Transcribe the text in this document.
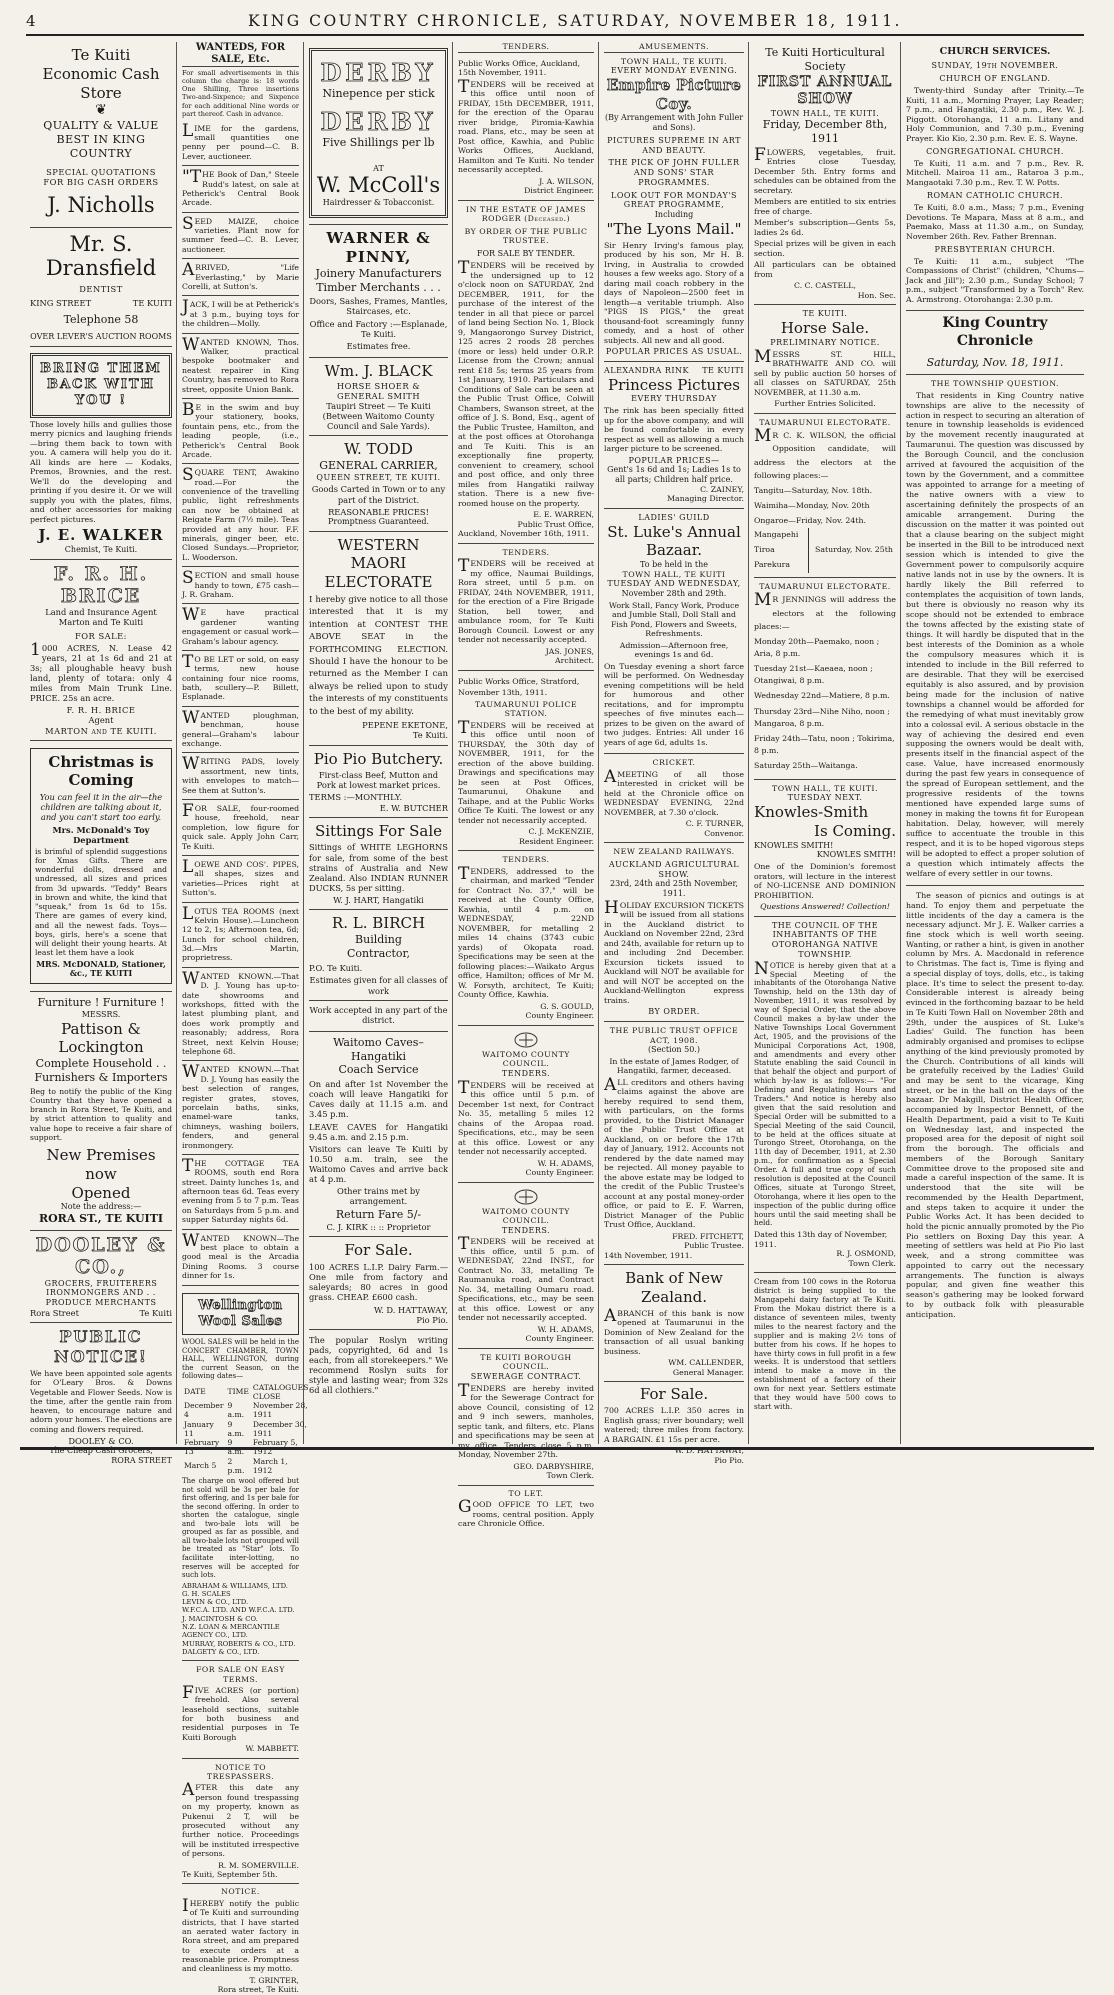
4	KING COUNTRY CHRONICLE, SATURDAY, NOVEMBER 18, 1911.
Te Kuiti
Economic Cash Store
❦
QUALITY & VALUE
BEST IN KING COUNTRY
SPECIAL QUOTATIONS
FOR BIG CASH ORDERS
J. Nicholls
Mr. S. Dransfield
DENTIST
KING STREET	TE KUITI
Telephone 58
OVER LEVER'S AUCTION ROOMS
BRING THEM BACK WITH YOU !

Those lovely hills and gullies those merry picnics and laughing friends—bring them back to town with you. A camera will help you do it. All kinds are here — Kodaks, Premos, Brownies, and the rest. We'll do the developing and printing if you desire it. Or we will supply you with the plates, films, and other accessories for making perfect pictures.

J. E. WALKER
Chemist, Te Kuiti.
F. R. H. BRICE
Land and Insurance Agent
Marton and Te Kuiti
FOR SALE:

1000 ACRES, N. Lease 42 years, 21 at 1s 6d and 21 at 3s; all ploughable heavy bush land, plenty of totara: only 4 miles from Main Trunk Line. PRICE. 25s an acre.

F. R. H. BRICE
Agent
MARTON and TE KUITI.
Christmas is Coming

You can feel it in the air—the children are talking about it, and you can't start too early.

Mrs. McDonald's Toy Department

is brimful of splendid suggestions for Xmas Gifts. There are wonderful dolls, dressed and undressed, all sizes and prices from 3d upwards. "Teddy" Bears in brown and white, the kind that "squeak," from 1s 6d to 15s. There are games of every kind, and all the newest fads. Toys—boys, girls, here's a scene that will delight their young hearts. At least let them have a look

MRS. McDONALD, Stationer, &c., TE KUITI
Furniture ! Furniture !
MESSRS.
Pattison & Lockington
Complete Household . .
Furnishers & Importers

Beg to notify the public of the King Country that they have opened a branch in Rora Street, Te Kuiti, and by strict attention to quality and value hope to receive a fair share of support.

New Premises now
Opened
Note the address:—
RORA ST., TE KUITI
DOOLEY & CO.,
GROCERS, FRUITERERS
IRONMONGERS AND . .
PRODUCE MERCHANTS
Rora Street	Te Kuiti
PUBLIC NOTICE!

We have been appointed sole agents for O'Leary Bros. & Downs Vegetable and Flower Seeds. Now is the time, after the gentle rain from heaven, to encourage nature and adorn your homes. The elections are coming and flowers required.

DOOLEY & CO.
The Cheap Cash Grocers,
RORA STREET
WANTEDS, FOR SALE, Etc.

For small advertisements in this column the charge is: 18 words One Shilling, Three insertions Two-and-Sixpence; and Sixpence for each additional Nine words or part thereof. Cash in advance.

LIME for the gardens, small quantities one penny per pound—C. B. Lever, auctioneer.
"THE Book of Dan," Steele Rudd's latest, on sale at Petherick's Central Book Arcade.
SEED MAIZE, choice varieties. Plant now for summer feed—C. B. Lever, auctioneer.
ARRIVED, "Life Everlasting," by Marie Corelli, at Sutton's.
JACK, I will be at Petherick's at 3 p.m., buying toys for the children—Molly.
WANTED KNOWN, Thos. Walker, practical bespoke bootmaker and neatest repairer in King Country, has removed to Rora street, opposite Union Bank.
BE in the swim and buy your stationery, books, fountain pens, etc., from the leading people, (i.e., Petherick's Central Book Arcade.
SQUARE TENT, Awakino road.—For the convenience of the travelling public, light refreshments can now be obtained at Reigate Farm (7½ mile). Teas provided at any hour. F.F. minerals, ginger beer, etc. Closed Sundays.—Proprietor, L. Wooderson.
SECTION and small house handy to town, £75 cash—J. R. Graham.
WE have practical gardener wanting engagement or casual work—Graham's labour agency.
TO BE LET or sold, on easy terms, new house containing four nice rooms, bath, scullery—P. Billett, Esplanade.
WANTED ploughman, benchman, house general—Graham's labour exchange.
WRITING PADS, lovely assortment, new tints, with envelopes to match—See them at Sutton's.
FOR SALE, four-roomed house, freehold, near completion, low figure for quick sale. Apply John Carr, Te Kuiti.
LOEWE AND COS'. PIPES, all shapes, sizes and varieties—Prices right at Sutton's.
LOTUS TEA ROOMS (next Kelvin House).—Luncheon 12 to 2, 1s; Afternoon tea, 6d; Lunch for school children, 3d.—Mrs Martin, proprietress.
WANTED KNOWN.—That D. J. Young has up-to-date showrooms and workshops, fitted with the latest plumbing plant, and does work promptly and reasonably; address, Rora Street, next Kelvin House; telephone 68.
WANTED KNOWN.—That D. J. Young has easily the best selection of ranges, register grates, stoves, porcelain baths, sinks, enamel-ware tanks, chimneys, washing boilers, fenders, and general ironmongery.
THE COTTAGE TEA ROOMS, south end Rora street. Dainty lunches 1s, and afternoon teas 6d. Teas every evening from 5 to 7 p.m. Teas on Saturdays from 5 p.m. and supper Saturday nights 6d.
WANTED KNOWN—The best place to obtain a good meal is the Arcadia Dining Rooms. 3 course dinner for 1s.
Wellington Wool Sales

WOOL SALES will be held in the CONCERT CHAMBER, TOWN HALL, WELLINGTON, during the current Season, on the following dates—

DATE	TIME	CATALOGUES CLOSE
December 4	9 a.m.	November 28, 1911
January 11	9 a.m.	December 30, 1911
February 13	9 a.m.	February 5, 1912
March 5	2 p.m.	March 1, 1912

The charge on wool offered but not sold will be 3s per bale for first offering, and 1s per bale for the second offering. In order to shorten the catalogue, single and two-bale lots will be grouped as far as possible, and all two-bale lots not grouped will be treated as "Star" lots. To facilitate inter-lotting, no reserves will be accepted for such lots.

ABRAHAM & WILLIAMS, LTD.
G. H. SCALES
LEVIN & CO., LTD.
W.F.C.A. LTD. AND W.F.C.A. LTD.
J. MACINTOSH & CO.
N.Z. LOAN & MERCANTILE AGENCY CO., LTD.
MURRAY, ROBERTS & CO., LTD.
DALGETY & CO., LTD.
FOR SALE ON EASY TERMS.

FIVE ACRES (or portion) freehold. Also several leasehold sections, suitable for both business and residential purposes in Te Kuiti Borough

W. MABBETT.
NOTICE TO TRESPASSERS.

AFTER this date any person found trespassing on my property, known as Pukenui 2 T, will be prosecuted without any further notice. Proceedings will be instituted irrespective of persons.

R. M. SOMERVILLE.
Te Kuiti, September 5th.
NOTICE.

IHEREBY notify the public of Te Kuiti and surrounding districts, that I have started an aerated water factory in Rora street, and am prepared to execute orders at a reasonable price. Promptness and cleanliness is my motto.

T. GRINTER,
Rora street, Te Kuiti.
DERBY
Ninepence per stick
DERBY
Five Shillings per lb
AT
W. McColl's
Hairdresser & Tobacconist.
WARNER & PINNY,
Joinery Manufacturers
Timber Merchants . . .

Doors, Sashes, Frames, Mantles, Staircases, etc.

Office and Factory :—Esplanade, Te Kuiti.

Estimates free.

Wm. J. BLACK
HORSE SHOER &
GENERAL SMITH
Taupiri Street — Te Kuiti
(Between Waitomo County Council and Sale Yards).
W. TODD
GENERAL CARRIER,
QUEEN STREET, TE KUITI.

Goods Carted in Town or to any part of the District.

REASONABLE PRICES!
Promptness Guaranteed.
WESTERN MAORI
ELECTORATE

I hereby give notice to all those interested that it is my intention at CONTEST THE ABOVE SEAT in the FORTHCOMING ELECTION. Should I have the honour to be returned as the Member I can always be relied upon to study the interests of my constituents to the best of my ability.

PEPENE EKETONE,
Te Kuiti.
Pio Pio Butchery.

First-class Beef, Mutton and Pork at lowest market prices.

TERMS :—MONTHLY.
E. W. BUTCHER
Sittings For Sale

Sittings of WHITE LEGHORNS for sale, from some of the best strains of Australia and New Zealand. Also INDIAN RUNNER DUCKS, 5s per sitting.

W. J. HART, Hangatiki
R. L. BIRCH
Building
Contractor,
P.O. Te Kuiti.

Estimates given for all classes of work

Work accepted in any part of the district.

Waitomo Caves–Hangatiki
Coach Service

On and after 1st November the coach will leave Hangatiki for Caves daily at 11.15 a.m. and 3.45 p.m.

LEAVE CAVES for Hangatiki 9.45 a.m. and 2.15 p.m.

Visitors can leave Te Kuiti by 10.50 a.m. train, see the Waitomo Caves and arrive back at 4 p.m.

Other trains met by arrangement.

Return Fare 5/-
C. J. KIRK :: :: Proprietor
For Sale.

100 ACRES L.I.P. Dairy Farm.—One mile from factory and saleyards; 80 acres in good grass. CHEAP. £600 cash.

W. D. HATTAWAY,
Pio Pio.

The popular Roslyn writing pads, copyrighted, 6d and 1s each, from all storekeepers." We recommend Roslyn suits for style and lasting wear; from 32s 6d all clothiers."

TENDERS.

Public Works Office, Auckland, 15th November, 1911.

TENDERS will be received at this office until noon of FRIDAY, 15th DECEMBER, 1911, for the erection of the Oparau river bridge, Piromia-Kawhia road. Plans, etc., may be seen at Post office, Kawhia, and Public Works Offices, Auckland, Hamilton and Te Kuiti. No tender necessarily accepted.

J. A. WILSON,
District Engineer.
IN THE ESTATE OF JAMES RODGER (Deceased.)
BY ORDER OF THE PUBLIC TRUSTEE.
FOR SALE BY TENDER.

TENDERS will be received by the undersigned up to 12 o'clock noon on SATURDAY, 2nd DECEMBER, 1911, for the purchase of the interest of the tender in all that piece or parcel of land being Section No. 1, Block 9, Mangaorongo Survey District, 125 acres 2 roods 28 perches (more or less) held under O.R.P. License from the Crown; annual rent £18 5s; terms 25 years from 1st January, 1910. Particulars and Conditions of Sale can be seen at the Public Trust Office, Colwill Chambers, Swanson street, at the office of J. S. Bond, Esq., agent of the Public Trustee, Hamilton, and at the post offices at Otorohanga and Te Kuiti. This is an exceptionally fine property, convenient to creamery, school and post office, and only three miles from Hangatiki railway station. There is a new five-roomed house on the property.

E. E. WARREN,
Public Trust Office,
Auckland, November 16th, 1911.
TENDERS.

TENDERS will be received at my office, Naumai Buildings, Rora street, until 5 p.m. on FRIDAY, 24th NOVEMBER, 1911, for the erection of a Fire Brigade Station, bell tower, and ambulance room, for Te Kuiti Borough Council. Lowest or any tender not necessarily accepted.

JAS. JONES,
Architect.

Public Works Office, Stratford,

November 13th, 1911.

TAUMARUNUI POLICE STATION.

TENDERS will be received at this office until noon of THURSDAY, the 30th day of NOVEMBER, 1911, for the erection of the above building. Drawings and specifications may be seen at Post Offices, Taumarunui, Ohakune and Taihape, and at the Public Works Office Te Kuiti. The lowest or any tender not necessarily accepted.

C. J. McKENZIE,
Resident Engineer.
TENDERS.

TENDERS, addressed to the chairman, and marked "Tender for Contract No. 37," will be received at the County Office, Kawhia, until 4 p.m. on WEDNESDAY, 22ND NOVEMBER, for metalling 2 miles 14 chains (3743 cubic yards) of Okopata road. Specifications may be seen at the following places:—Waikato Argus office, Hamilton; offices of Mr M. W. Forsyth, architect, Te Kuiti; County Office, Kawhia.

G. S. GOULD,
County Engineer.
WAITOMO COUNTY COUNCIL.
TENDERS.

TENDERS will be received at this office until 5 p.m. of December 1st next, for Contract No. 35, metalling 5 miles 12 chains of the Aropaa road. Specifications, etc., may be seen at this office. Lowest or any tender not necessarily accepted.

W. H. ADAMS,
County Engineer.
WAITOMO COUNTY COUNCIL.
TENDERS.

TENDERS will be received at this office, until 5 p.m. of WEDNESDAY, 22nd INST., for Contract No. 33, metalling Te Raumanuka road, and Contract No. 34, metalling Oumaru road. Specifications, etc., may be seen at this office. Lowest or any tender not necessarily accepted.

W. H. ADAMS,
County Engineer.
TE KUITI BOROUGH COUNCIL.
SEWERAGE CONTRACT.

TENDERS are hereby invited for the Sewerage Contract for above Council, consisting of 12 and 9 inch sewers, manholes, septic tank, and filters, etc. Plans and specifications may be seen at my office. Tenders close 5 p.m. Monday, November 27th.

GEO. DARBYSHIRE,
Town Clerk.
TO LET.

GOOD OFFICE TO LET, two rooms, central position. Apply care Chronicle Office.

AMUSEMENTS.
TOWN HALL, TE KUITI.
EVERY MONDAY EVENING.
Empire Picture Coy.
(By Arrangement with John Fuller and Sons).
PICTURES SUPREME IN ART AND BEAUTY.
THE PICK OF JOHN FULLER AND SONS' STAR PROGRAMMES.
LOOK OUT FOR MONDAY'S GREAT PROGRAMME,
Including
"The Lyons Mail."

Sir Henry Irving's famous play, produced by his son, Mr H. B. Irving, in Australia to crowded houses a few weeks ago. Story of a daring mail coach robbery in the days of Napoleon—2500 feet in length—a veritable triumph. Also "PIGS IS PIGS," the great thousand-foot screamingly funny comedy, and a host of other subjects. All new and all good.

POPULAR PRICES AS USUAL.
ALEXANDRA RINK TE KUITI
Princess Pictures
EVERY THURSDAY

The rink has been specially fitted up for the above company, and will be found comfortable in every respect as well as allowing a much larger picture to be screened.

POPULAR PRICES—
Gent's 1s 6d and 1s; Ladies 1s to all parts; Children half price.
C. ZAINEY,
Managing Director.
LADIES' GUILD
St. Luke's Annual
Bazaar.
To be held in the
TOWN HALL, TE KUITI
TUESDAY AND WEDNESDAY,
November 28th and 29th.

Work Stall, Fancy Work, Produce and Jumble Stall, Doll Stall and Fish Pond, Flowers and Sweets, Refreshments.

Admission—Afternoon free, evenings 1s and 6d.

On Tuesday evening a short farce will be performed. On Wednesday evening competitions will be held for humorous and other recitations, and for impromptu speeches of five minutes each—prizes to be given on the award of two judges. Entries: All under 16 years of age 6d, adults 1s.

CRICKET.

AMEETING of all those interested in cricket will be held at the Chronicle office on WEDNESDAY EVENING, 22nd NOVEMBER, at 7.30 o'clock.

C. F. TURNER,
Convenor.
NEW ZEALAND RAILWAYS.
AUCKLAND AGRICULTURAL SHOW.
23rd, 24th and 25th November, 1911.

HOLIDAY EXCURSION TICKETS will be issued from all stations in the Auckland district to Auckland on November 22nd, 23rd and 24th, available for return up to and including 2nd December. Excursion tickets issued to Auckland will NOT be available for and will NOT be accepted on the Auckland-Wellington express trains.

BY ORDER.
THE PUBLIC TRUST OFFICE ACT, 1908.
(Section 50.)

In the estate of James Rodger, of Hangatiki, farmer, deceased.

ALL creditors and others having claims against the above are hereby required to send them, with particulars, on the forms provided, to the District Manager of the Public Trust Office at Auckland, on or before the 17th day of January, 1912. Accounts not rendered by the date named may be rejected. All money payable to the above estate may be lodged to the credit of the Public Trustee's account at any postal money-order office, or paid to E. F. Warren, District Manager of the Public Trust Office, Auckland.

FRED. FITCHETT,
Public Trustee.
14th November, 1911.
Bank of New Zealand.

ABRANCH of this bank is now opened at Taumarunui in the Dominion of New Zealand for the transaction of all usual banking business.

WM. CALLENDER,
General Manager.
For Sale.

700 ACRES L.I.P. 350 acres in English grass; river boundary; well watered; three miles from factory. A BARGAIN. £1 15s per acre.

W. D. HATTAWAY,
Pio Pio.
Te Kuiti Horticultural
Society
FIRST ANNUAL SHOW
TOWN HALL, TE KUITI.
Friday, December 8th, 1911

FLOWERS, vegetables, fruit. Entries close Tuesday, December 5th. Entry forms and schedules can be obtained from the secretary.

Members are entitled to six entries free of charge.

Member's subscription—Gents 5s, ladies 2s 6d.

Special prizes will be given in each section.

All particulars can be obtained from

C. C. CASTELL,
Hon. Sec.
TE KUITI.
Horse Sale.
PRELIMINARY NOTICE.

MESSRS ST. HILL, BRATHWAITE AND CO. will sell by public auction 50 horses of all classes on SATURDAY, 25th NOVEMBER, at 11.30 a.m.

Further Entries Solicited.
TAUMARUNUI ELECTORATE.

MR C. K. WILSON, the official Opposition candidate, will address the electors at the following places:—

Tangitu—Saturday, Nov. 18th.
Waimiha—Monday, Nov. 20th
Ongaroe—Friday, Nov. 24th.
Mangapehi
Tiroa
Parekura
Saturday, Nov. 25th
TAUMARUNUI ELECTORATE.

MR JENNINGS will address the electors at the following places:—

Monday 20th—Paemako, noon ; Aria, 8 p.m.
Tuesday 21st—Kaeaea, noon ; Otangiwai, 8 p.m.
Wednesday 22nd—Matiere, 8 p.m.
Thursday 23rd—Nihe Niho, noon ; Mangaroa, 8 p.m.
Friday 24th—Tatu, noon ; Tokirima, 8 p.m.
Saturday 25th—Waitanga.
TOWN HALL, TE KUITI.
TUESDAY NEXT.
Knowles-Smith
Is Coming.
KNOWLES SMITH!
KNOWLES SMITH!

One of the Dominion's foremost orators, will lecture in the interest of NO-LICENSE AND DOMINION PROHIBITION.

Questions Answered! Collection!
THE COUNCIL OF THE INHABITANTS OF THE OTOROHANGA NATIVE TOWNSHIP.

NOTICE is hereby given that at a Special Meeting of the inhabitants of the Otorohanga Native Township, held on the 13th day of November, 1911, it was resolved by way of Special Order, that the above Council makes a by-law under the Native Townships Local Government Act, 1905, and the provisions of the Municipal Corporations Act, 1908, and amendments and every other Statute enabling the said Council in that behalf the object and purport of which by-law is as follows:— "For Defining and Regulating Hours and Traders." And notice is hereby also given that the said resolution and Special Order will be submitted to a Special Meeting of the said Council, to be held at the offices situate at Turongo Street, Otorohanga, on the 11th day of December, 1911, at 2.30 p.m., for confirmation as a Special Order. A full and true copy of such resolution is deposited at the Council Offices, situate at Turongo Street, Otorohanga, where it lies open to the inspection of the public during office hours until the said meeting shall be held.

Dated this 13th day of November, 1911.
R. J. OSMOND,
Town Clerk.

Cream from 100 cows in the Rotorua district is being supplied to the Mangapehi dairy factory at Te Kuiti. From the Mokau district there is a distance of seventeen miles, twenty miles to the nearest factory and the supplier and is making 2½ tons of butter from his cows. If he hopes to have thirty cows in full profit in a few weeks. It is understood that settlers intend to make a move in the establishment of a factory of their own for next year. Settlers estimate that they would have 500 cows to start with.

CHURCH SERVICES.
SUNDAY, 19th NOVEMBER.
CHURCH OF ENGLAND.

Twenty-third Sunday after Trinity.—Te Kuiti, 11 a.m., Morning Prayer, Lay Reader; 7 p.m., and Hangatiki, 2.30 p.m., Rev. W. J. Piggott. Otorohanga, 11 a.m. Litany and Holy Communion, and 7.30 p.m., Evening Prayer. Kio Kio, 2.30 p.m. Rev. E. S. Wayne.

CONGREGATIONAL CHURCH.

Te Kuiti, 11 a.m. and 7 p.m., Rev. R. Mitchell. Mairoa 11 am., Rataroa 3 p.m., Mangaotaki 7.30 p.m., Rev. T. W. Potts.

ROMAN CATHOLIC CHURCH.

Te Kuiti, 8.0 a.m., Mass; 7 p.m., Evening Devotions. Te Mapara, Mass at 8 a.m., and Paemako, Mass at 11.30 a.m., on Sunday, November 26th. Rev. Father Brennan.

PRESBYTERIAN CHURCH.

Te Kuiti: 11 a.m., subject "The Compassions of Christ" (children, "Chums—Jack and Jill"); 2.30 p.m., Sunday School; 7 p.m., subject "Transformed by a Torch" Rev. A. Armstrong. Otorohanga: 2.30 p.m.

King Country Chronicle
Saturday, Nov. 18, 1911.
THE TOWNSHIP QUESTION.

That residents in King Country native townships are alive to the necessity of action in respect to securing an alteration of tenure in township leaseholds is evidenced by the movement recently inaugurated at Taumarunui. The question was discussed by the Borough Council, and the conclusion arrived at favoured the acquisition of the town by the Government, and a committee was appointed to arrange for a meeting of the native owners with a view to ascertaining definitely the prospects of an amicable arrangement. During the discussion on the matter it was pointed out that a clause bearing on the subject might be inserted in the Bill to be introduced next session which is intended to give the Government power to compulsorily acquire native lands not in use by the owners. It is hardly likely the Bill referred to contemplates the acquisition of town lands, but there is obviously no reason why its scope should not be extended to embrace the towns affected by the existing state of things. It will hardly be disputed that in the best interests of the Dominion as a whole the compulsory measures which it is intended to include in the Bill referred to are desirable. That they will be exercised equitably is also assured, and by provision being made for the inclusion of native townships a channel would be afforded for the remedying of what must inevitably grow into a colossal evil. A serious obstacle in the way of achieving the desired end even supposing the owners would be dealt with, presents itself in the financial aspect of the case. Value, have increased enormously during the past few years in consequence of the spread of European settlement, and the progressive residents of the towns mentioned have expended large sums of money in making the towns fit for European habitation. Delay, however, will merely suffice to accentuate the trouble in this respect, and it is to be hoped vigorous steps will be adopted to effect a proper solution of a question which intimately affects the welfare of every settler in our towns.

The season of picnics and outings is at hand. To enjoy them and perpetuate the little incidents of the day a camera is the necessary adjunct. Mr J. E. Walker carries a fine stock which is well worth seeing. Wanting, or rather a hint, is given in another column by Mrs. A. Macdonald in reference to Christmas. The fact is, Time is flying and a special display of toys, dolls, etc., is taking place. It's time to select the present to-day. Considerable interest is already being evinced in the forthcoming bazaar to be held in Te Kuiti Town Hall on November 28th and 29th, under the auspices of St. Luke's Ladies' Guild. The function has been admirably organised and promises to eclipse anything of the kind previously promoted by the Church. Contributions of all kinds will be gratefully received by the Ladies' Guild and may be sent to the vicarage, King street, or be in the hall on the days of the bazaar. Dr Makgill, District Health Officer, accompanied by Inspector Bennett, of the Health Department, paid a visit to Te Kuiti on Wednesday last, and inspected the proposed area for the deposit of night soil from the borough. The officials and members of the Borough Sanitary Committee drove to the proposed site and made a careful inspection of the same. It is understood that the site will be recommended by the Health Department, and steps taken to acquire it under the Public Works Act. It has been decided to hold the picnic annually promoted by the Pio Pio settlers on Boxing Day this year. A meeting of settlers was held at Pio Pio last week, and a strong committee was appointed to carry out the necessary arrangements. The function is always popular, and given fine weather this season's gathering may be looked forward to by outback folk with pleasurable anticipation.
